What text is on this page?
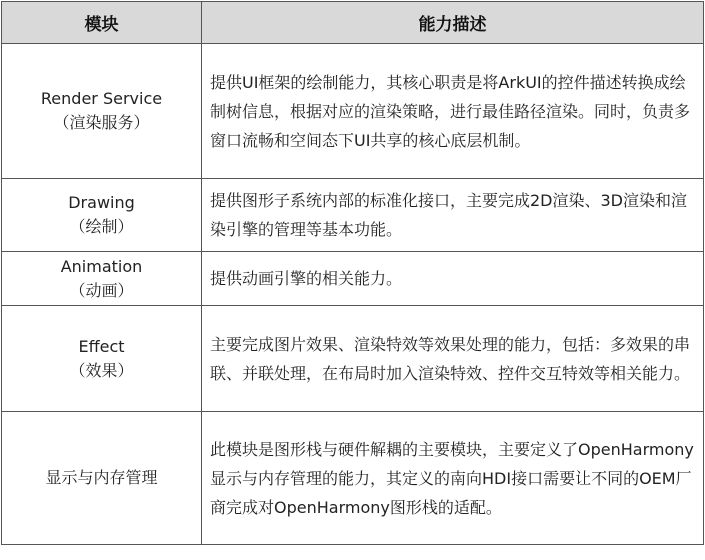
模块	能力描述

Render Service
（渲染服务）	提供UI框架的绘制能力，其核心职责是将ArkUI的控件描述转换成绘制树信息，根据对应的渲染策略，进行最佳路径渲染。同时，负责多窗口流畅和空间态下UI共享的核心底层机制。

Drawing
（绘制）	提供图形子系统内部的标准化接口，主要完成2D渲染、3D渲染和渲染引擎的管理等基本功能。

Animation
（动画）	提供动画引擎的相关能力。

Effect
（效果）	主要完成图片效果、渲染特效等效果处理的能力，包括：多效果的串联、并联处理，在布局时加入渲染特效、控件交互特效等相关能力。

显示与内存管理	此模块是图形栈与硬件解耦的主要模块，主要定义了OpenHarmony显示与内存管理的能力，其定义的南向HDI接口需要让不同的OEM厂商完成对OpenHarmony图形栈的适配。
